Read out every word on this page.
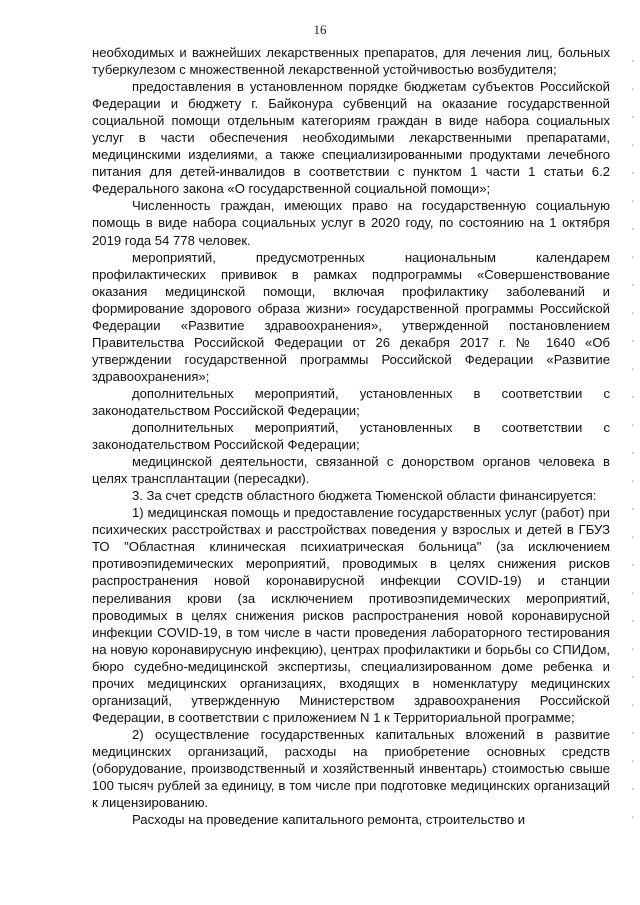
16

необходимых и важнейших лекарственных препаратов, для лечения лиц, больных туберкулезом с множественной лекарственной устойчивостью возбудителя;

предоставления в установленном порядке бюджетам субъектов Российской Федерации и бюджету г. Байконура субвенций на оказание государственной социальной помощи отдельным категориям граждан в виде набора социальных услуг в части обеспечения необходимыми лекарственными препаратами, медицинскими изделиями, а также специализированными продуктами лечебного питания для детей-инвалидов в соответствии с пунктом 1 части 1 статьи 6.2 Федерального закона «О государственной социальной помощи»;

Численность граждан, имеющих право на государственную социальную помощь в виде набора социальных услуг в 2020 году, по состоянию на 1 октября 2019 года 54 778 человек.

мероприятий, предусмотренных национальным календарем профилактических прививок в рамках подпрограммы «Совершенствование оказания медицинской помощи, включая профилактику заболеваний и формирование здорового образа жизни» государственной программы Российской Федерации «Развитие здравоохранения», утвержденной постановлением Правительства Российской Федерации от 26 декабря 2017 г. № 1640 «Об утверждении государственной программы Российской Федерации «Развитие здравоохранения»;

дополнительных мероприятий, установленных в соответствии с законодательством Российской Федерации;

дополнительных мероприятий, установленных в соответствии с законодательством Российской Федерации;

медицинской деятельности, связанной с донорством органов человека в целях трансплантации (пересадки).

3. За счет средств областного бюджета Тюменской области финансируется:

1) медицинская помощь и предоставление государственных услуг (работ) при психических расстройствах и расстройствах поведения у взрослых и детей в ГБУЗ ТО "Областная клиническая психиатрическая больница" (за исключением противоэпидемических мероприятий, проводимых в целях снижения рисков распространения новой коронавирусной инфекции COVID-19) и станции переливания крови (за исключением противоэпидемических мероприятий, проводимых в целях снижения рисков распространения новой коронавирусной инфекции COVID-19, в том числе в части проведения лабораторного тестирования на новую коронавирусную инфекцию), центрах профилактики и борьбы со СПИДом, бюро судебно-медицинской экспертизы, специализированном доме ребенка и прочих медицинских организациях, входящих в номенклатуру медицинских организаций, утвержденную Министерством здравоохранения Российской Федерации, в соответствии с приложением N 1 к Территориальной программе;

2) осуществление государственных капитальных вложений в развитие медицинских организаций, расходы на приобретение основных средств (оборудование, производственный и хозяйственный инвентарь) стоимостью свыше 100 тысяч рублей за единицу, в том числе при подготовке медицинских организаций к лицензированию.

Расходы на проведение капитального ремонта, строительство и
